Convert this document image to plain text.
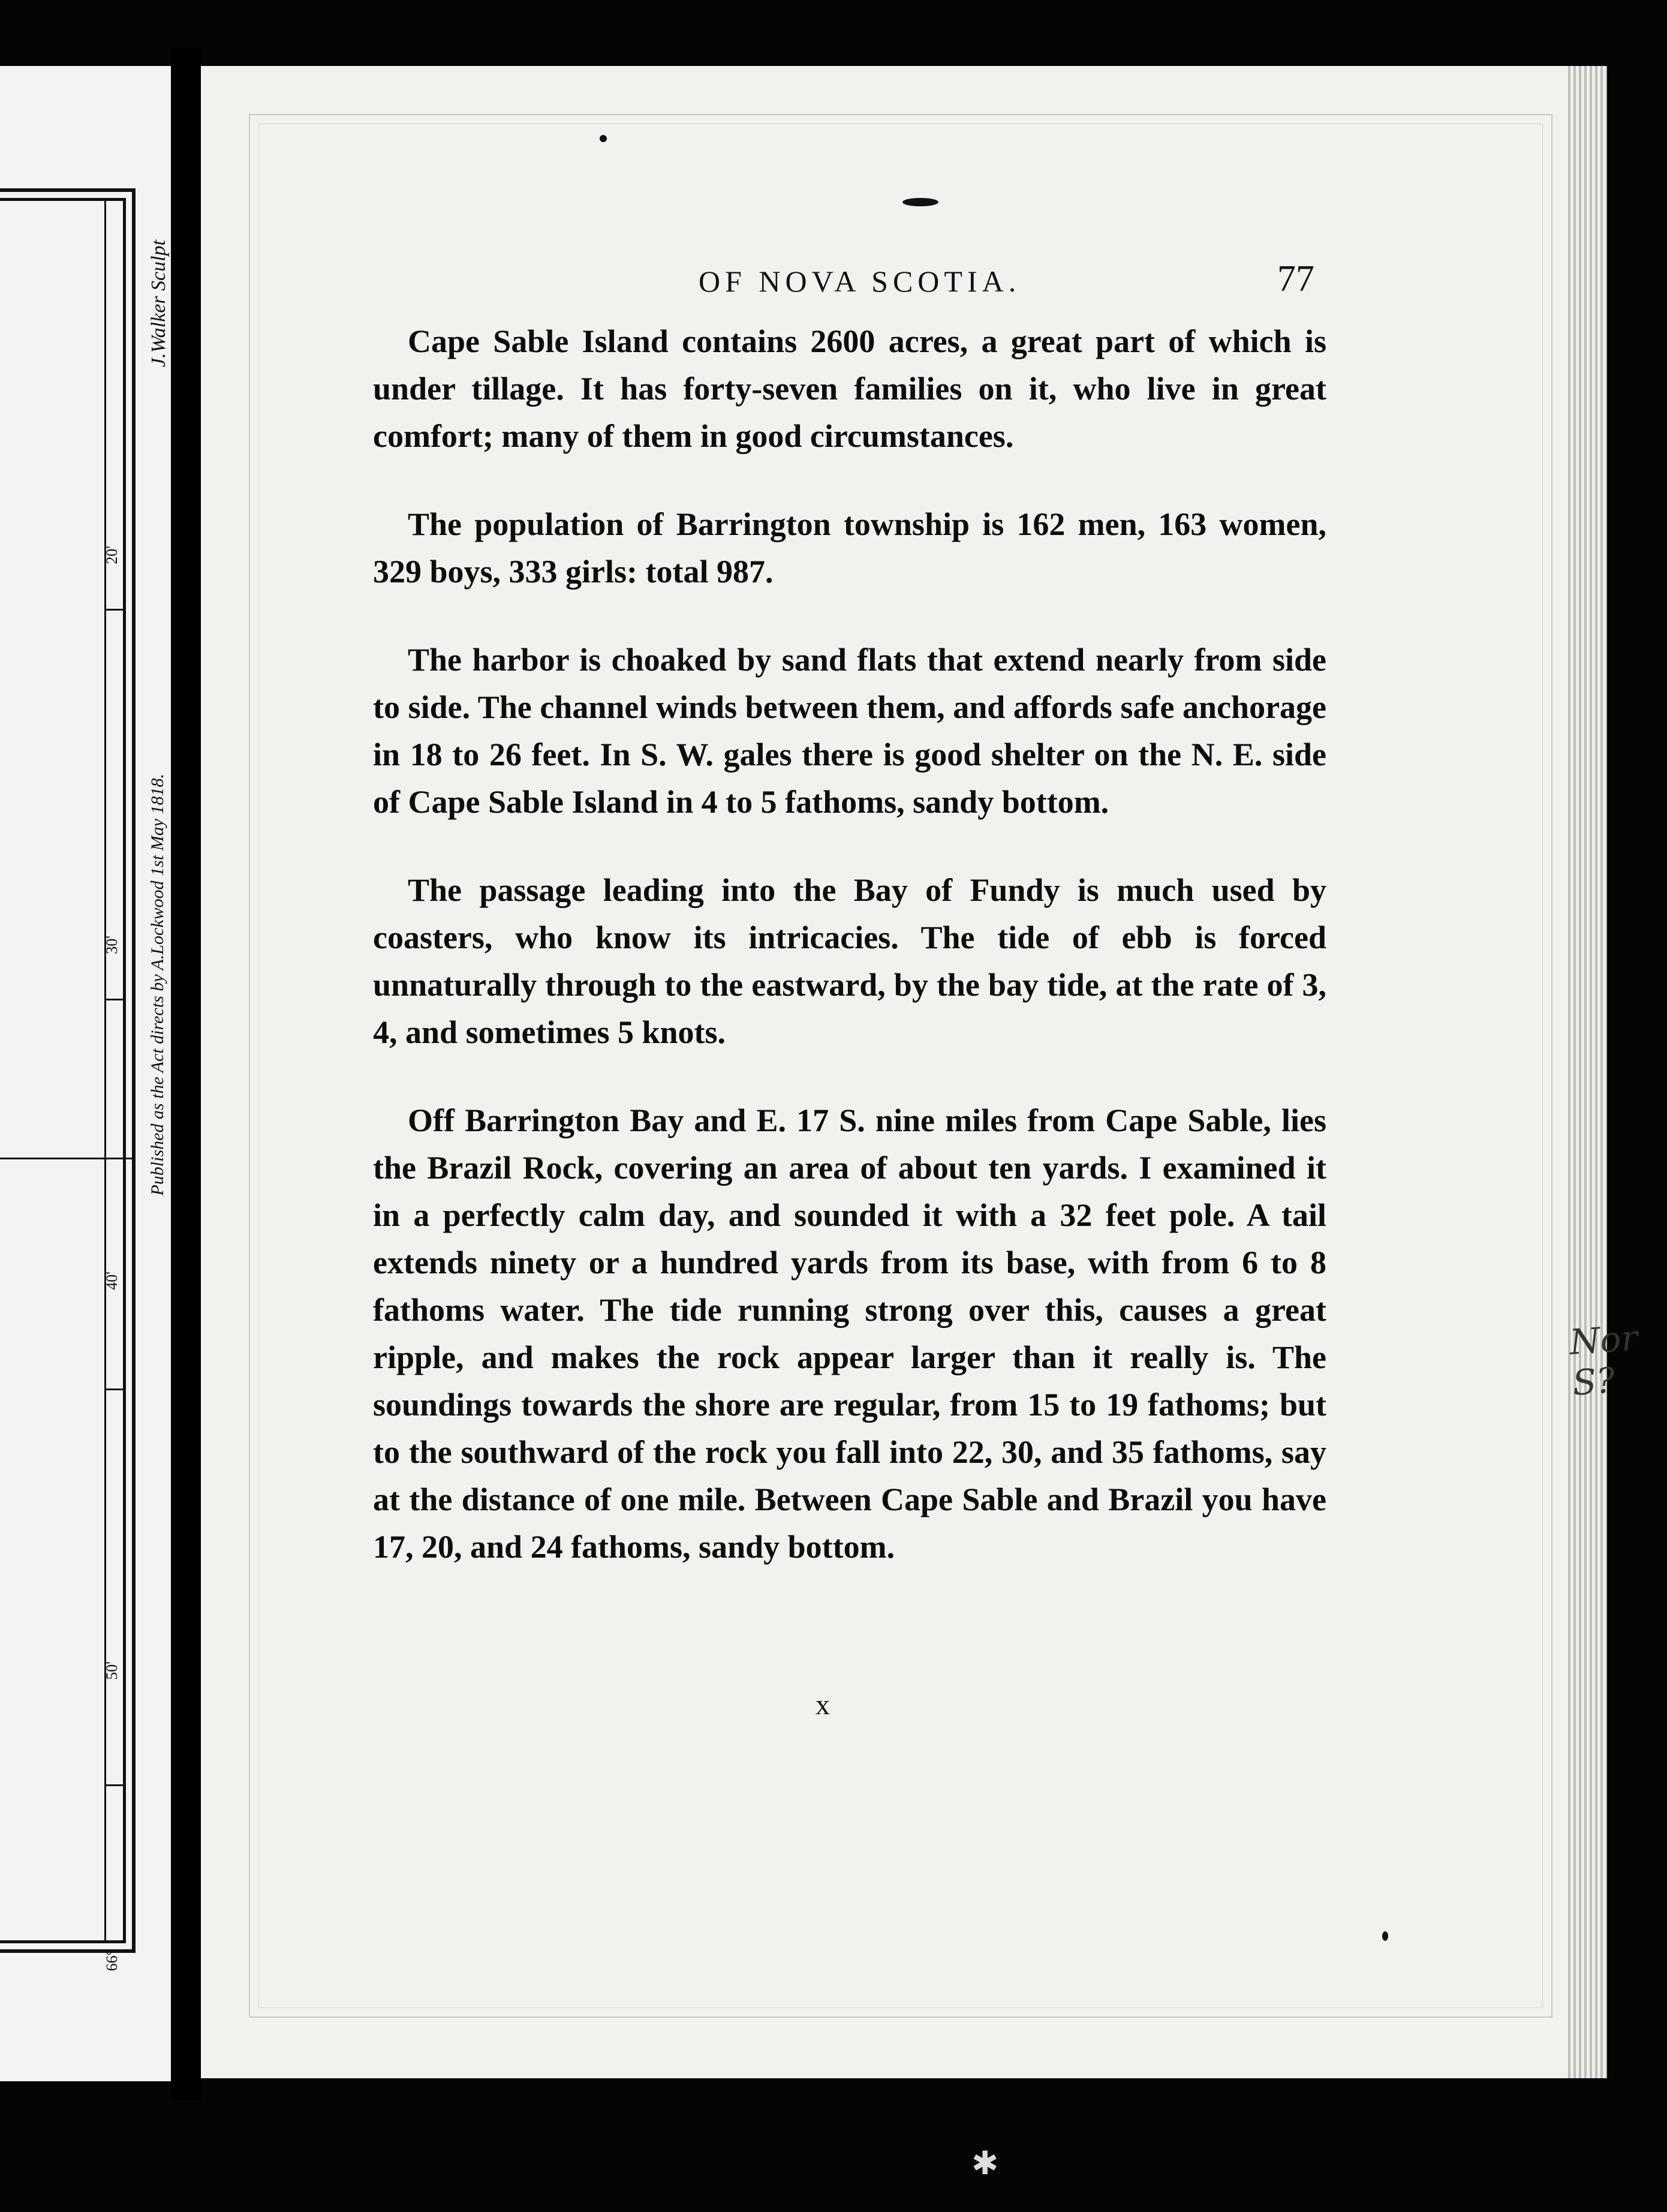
J.Walker Sculpt
Published as the Act directs by A.Lockwood 1st May 1818.
20'
30'
40'
50'
66°
OF NOVA SCOTIA.	77

Cape Sable Island contains 2600 acres, a great part of which is under tillage. It has forty-seven families on it, who live in great comfort; many of them in good circumstances.

The population of Barrington township is 162 men, 163 women, 329 boys, 333 girls: total 987.

The harbor is choaked by sand flats that extend nearly from side to side. The channel winds between them, and affords safe anchorage in 18 to 26 feet. In S. W. gales there is good shelter on the N. E. side of Cape Sable Island in 4 to 5 fathoms, sandy bottom.

The passage leading into the Bay of Fundy is much used by coasters, who know its intricacies. The tide of ebb is forced unnaturally through to the eastward, by the bay tide, at the rate of 3, 4, and sometimes 5 knots.

Off Barrington Bay and E. 17 S. nine miles from Cape Sable, lies the Brazil Rock, covering an area of about ten yards. I examined it in a perfectly calm day, and sounded it with a 32 feet pole. A tail extends ninety or a hundred yards from its base, with from 6 to 8 fathoms water. The tide running strong over this, causes a great ripple, and makes the rock appear larger than it really is. The soundings towards the shore are regular, from 15 to 19 fathoms; but to the southward of the rock you fall into 22, 30, and 35 fathoms, say at the distance of one mile. Between Cape Sable and Brazil you have 17, 20, and 24 fathoms, sandy bottom.

x
Nor S?
✱
